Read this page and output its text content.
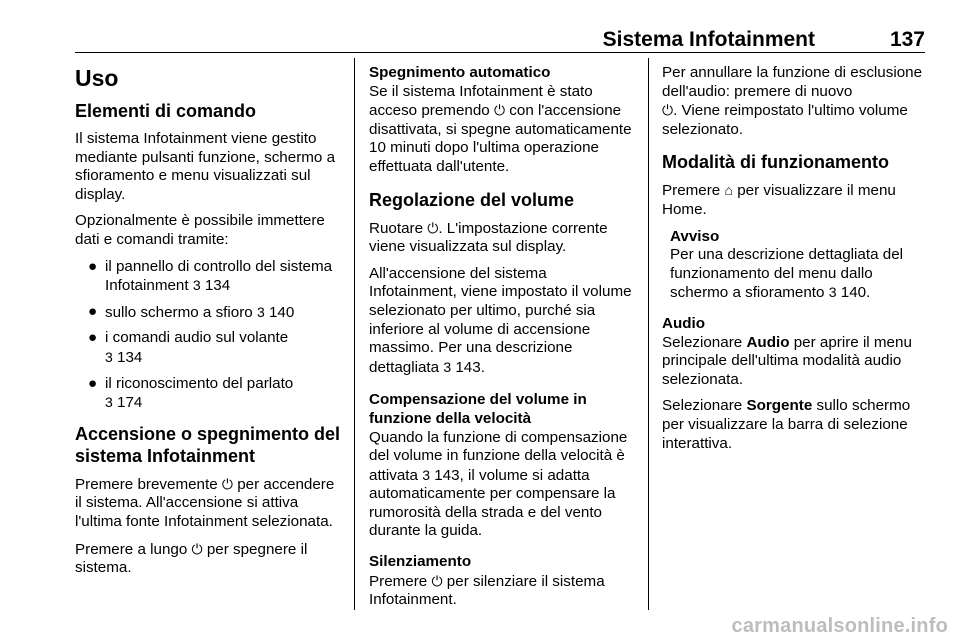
Sistema Infotainment	137
Uso
Elementi di comando

Il sistema Infotainment viene gestito mediante pulsanti funzione, schermo a sfioramento e menu visualizzati sul display.

Opzionalmente è possibile immettere dati e comandi tramite:

● il pannello di controllo del sistema Infotainment 3 134
● sullo schermo a sfioro 3 140
● i comandi audio sul volante
3 134
● il riconoscimento del parlato
3 174
Accensione o spegnimento del sistema Infotainment

Premere brevemente ⏻ per accendere il sistema. All'accensione si attiva l'ultima fonte Infotainment selezionata.

Premere a lungo ⏻ per spegnere il sistema.

Spegnimento automatico
Se il sistema Infotainment è stato acceso premendo ⏻ con l'accensione disattivata, si spegne automaticamente 10 minuti dopo l'ultima operazione effettuata dall'utente.
Regolazione del volume

Ruotare ⏻. L'impostazione corrente viene visualizzata sul display.

All'accensione del sistema Infotainment, viene impostato il volume selezionato per ultimo, purché sia inferiore al volume di accensione massimo. Per una descrizione dettagliata 3 143.

Compensazione del volume in funzione della velocità
Quando la funzione di compensazione del volume in funzione della velocità è attivata 3 143, il volume si adatta automaticamente per compensare la rumorosità della strada e del vento durante la guida.
Silenziamento
Premere ⏻ per silenziare il sistema Infotainment.

Per annullare la funzione di esclusione dell'audio: premere di nuovo
⏻. Viene reimpostato l'ultimo volume selezionato.

Modalità di funzionamento

Premere ⌂ per visualizzare il menu Home.

Avviso
Per una descrizione dettagliata del funzionamento del menu dallo schermo a sfioramento 3 140.
Audio

Selezionare Audio per aprire il menu principale dell'ultima modalità audio selezionata.

Selezionare Sorgente sullo schermo per visualizzare la barra di selezione interattiva.

carmanualsonline.info
